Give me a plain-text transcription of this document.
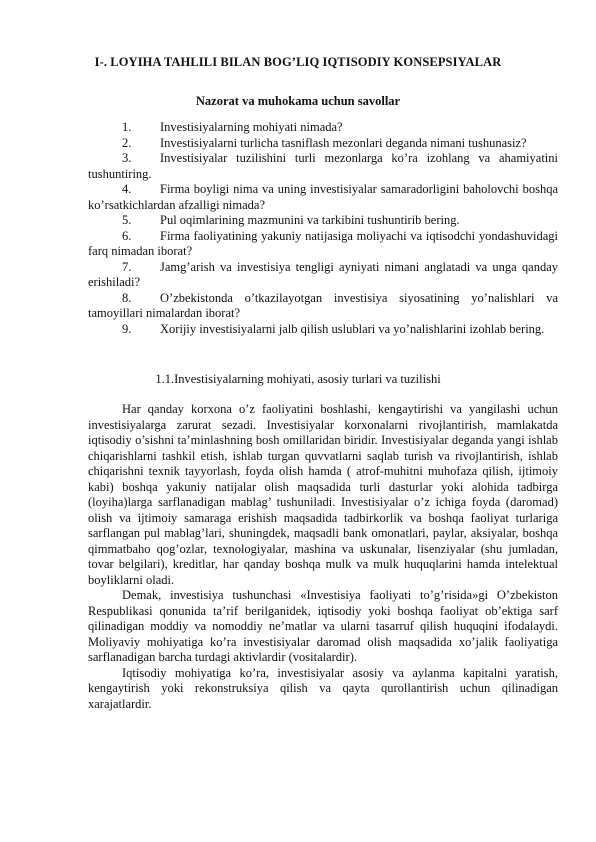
I-. LOYIHA TAHLILI BILAN BOG’LIQ IQTISODIY KONSEPSIYALAR
Nazorat va muhokama uchun savollar

1. Investisiyalarning mohiyati nimada?

2. Investisiyalarni turlicha tasniflash mezonlari deganda nimani tushunasiz?

3. Investisiyalar tuzilishini turli mezonlarga ko’ra izohlang va ahamiyatini tushuntiring.

4. Firma boyligi nima va uning investisiyalar samaradorligini baholovchi boshqa ko’rsatkichlardan afzalligi nimada?

5. Pul oqimlarining mazmunini va tarkibini tushuntirib bering.

6. Firma faoliyatining yakuniy natijasiga moliyachi va iqtisodchi yondashuvidagi farq nimadan iborat?

7. Jamg’arish va investisiya tengligi ayniyati nimani anglatadi va unga qanday erishiladi?

8. O’zbekistonda o’tkazilayotgan investisiya siyosatining yo’nalishlari va tamoyillari nimalardan iborat?

9. Xorijiy investisiyalarni jalb qilish uslublari va yo’nalishlarini izohlab bering.

1.1.Investisiyalarning mohiyati, asosiy turlari va tuzilishi

Har qanday korxona o’z faoliyatini boshlashi, kengaytirishi va yangilashi uchun investisiyalarga zarurat sezadi. Investisiyalar korxonalarni rivojlantirish, mamlakatda iqtisodiy o’sishni ta’minlashning bosh omillaridan biridir. Investisiyalar deganda yangi ishlab chiqarishlarni tashkil etish, ishlab turgan quvvatlarni saqlab turish va rivojlantirish, ishlab chiqarishni texnik tayyorlash, foyda olish hamda ( atrof-muhitni muhofaza qilish, ijtimoiy kabi) boshqa yakuniy natijalar olish maqsadida turli dasturlar yoki alohida tadbirga (loyiha)larga sarflanadigan mablag’ tushuniladi. Investisiyalar o’z ichiga foyda (daromad) olish va ijtimoiy samaraga erishish maqsadida tadbirkorlik va boshqa faoliyat turlariga sarflangan pul mablag’lari, shuningdek, maqsadli bank omonatlari, paylar, aksiyalar, boshqa qimmatbaho qog’ozlar, texnologiyalar, mashina va uskunalar, lisenziyalar (shu jumladan, tovar belgilari), kreditlar, har qanday boshqa mulk va mulk huquqlarini hamda intelektual boyliklarni oladi.

Demak, investisiya tushunchasi «Investisiya faoliyati to’g’risida»gi O’zbekiston Respublikasi qonunida ta’rif berilganidek, iqtisodiy yoki boshqa faoliyat ob’ektiga sarf qilinadigan moddiy va nomoddiy ne’matlar va ularni tasarruf qilish huquqini ifodalaydi. Moliyaviy mohiyatiga ko’ra investisiyalar daromad olish maqsadida xo’jalik faoliyatiga sarflanadigan barcha turdagi aktivlardir (vositalardir).

Iqtisodiy mohiyatiga ko’ra, investisiyalar asosiy va aylanma kapitalni yaratish, kengaytirish yoki rekonstruksiya qilish va qayta qurollantirish uchun qilinadigan xarajatlardir.
